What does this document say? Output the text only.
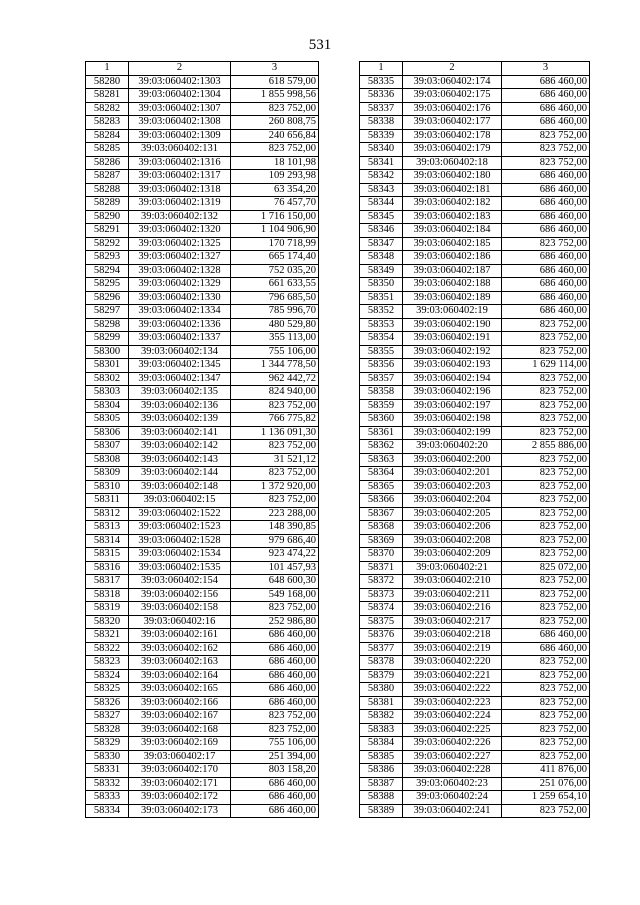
531
1	2	3
58280	39:03:060402:1303	618 579,00
58281	39:03:060402:1304	1 855 998,56
58282	39:03:060402:1307	823 752,00
58283	39:03:060402:1308	260 808,75
58284	39:03:060402:1309	240 656,84
58285	39:03:060402:131	823 752,00
58286	39:03:060402:1316	18 101,98
58287	39:03:060402:1317	109 293,98
58288	39:03:060402:1318	63 354,20
58289	39:03:060402:1319	76 457,70
58290	39:03:060402:132	1 716 150,00
58291	39:03:060402:1320	1 104 906,90
58292	39:03:060402:1325	170 718,99
58293	39:03:060402:1327	665 174,40
58294	39:03:060402:1328	752 035,20
58295	39:03:060402:1329	661 633,55
58296	39:03:060402:1330	796 685,50
58297	39:03:060402:1334	785 996,70
58298	39:03:060402:1336	480 529,80
58299	39:03:060402:1337	355 113,00
58300	39:03:060402:134	755 106,00
58301	39:03:060402:1345	1 344 778,50
58302	39:03:060402:1347	962 442,72
58303	39:03:060402:135	824 940,00
58304	39:03:060402:136	823 752,00
58305	39:03:060402:139	766 775,82
58306	39:03:060402:141	1 136 091,30
58307	39:03:060402:142	823 752,00
58308	39:03:060402:143	31 521,12
58309	39:03:060402:144	823 752,00
58310	39:03:060402:148	1 372 920,00
58311	39:03:060402:15	823 752,00
58312	39:03:060402:1522	223 288,00
58313	39:03:060402:1523	148 390,85
58314	39:03:060402:1528	979 686,40
58315	39:03:060402:1534	923 474,22
58316	39:03:060402:1535	101 457,93
58317	39:03:060402:154	648 600,30
58318	39:03:060402:156	549 168,00
58319	39:03:060402:158	823 752,00
58320	39:03:060402:16	252 986,80
58321	39:03:060402:161	686 460,00
58322	39:03:060402:162	686 460,00
58323	39:03:060402:163	686 460,00
58324	39:03:060402:164	686 460,00
58325	39:03:060402:165	686 460,00
58326	39:03:060402:166	686 460,00
58327	39:03:060402:167	823 752,00
58328	39:03:060402:168	823 752,00
58329	39:03:060402:169	755 106,00
58330	39:03:060402:17	251 394,00
58331	39:03:060402:170	803 158,20
58332	39:03:060402:171	686 460,00
58333	39:03:060402:172	686 460,00
58334	39:03:060402:173	686 460,00
1	2	3
58335	39:03:060402:174	686 460,00
58336	39:03:060402:175	686 460,00
58337	39:03:060402:176	686 460,00
58338	39:03:060402:177	686 460,00
58339	39:03:060402:178	823 752,00
58340	39:03:060402:179	823 752,00
58341	39:03:060402:18	823 752,00
58342	39:03:060402:180	686 460,00
58343	39:03:060402:181	686 460,00
58344	39:03:060402:182	686 460,00
58345	39:03:060402:183	686 460,00
58346	39:03:060402:184	686 460,00
58347	39:03:060402:185	823 752,00
58348	39:03:060402:186	686 460,00
58349	39:03:060402:187	686 460,00
58350	39:03:060402:188	686 460,00
58351	39:03:060402:189	686 460,00
58352	39:03:060402:19	686 460,00
58353	39:03:060402:190	823 752,00
58354	39:03:060402:191	823 752,00
58355	39:03:060402:192	823 752,00
58356	39:03:060402:193	1 629 114,00
58357	39:03:060402:194	823 752,00
58358	39:03:060402:196	823 752,00
58359	39:03:060402:197	823 752,00
58360	39:03:060402:198	823 752,00
58361	39:03:060402:199	823 752,00
58362	39:03:060402:20	2 855 886,00
58363	39:03:060402:200	823 752,00
58364	39:03:060402:201	823 752,00
58365	39:03:060402:203	823 752,00
58366	39:03:060402:204	823 752,00
58367	39:03:060402:205	823 752,00
58368	39:03:060402:206	823 752,00
58369	39:03:060402:208	823 752,00
58370	39:03:060402:209	823 752,00
58371	39:03:060402:21	825 072,00
58372	39:03:060402:210	823 752,00
58373	39:03:060402:211	823 752,00
58374	39:03:060402:216	823 752,00
58375	39:03:060402:217	823 752,00
58376	39:03:060402:218	686 460,00
58377	39:03:060402:219	686 460,00
58378	39:03:060402:220	823 752,00
58379	39:03:060402:221	823 752,00
58380	39:03:060402:222	823 752,00
58381	39:03:060402:223	823 752,00
58382	39:03:060402:224	823 752,00
58383	39:03:060402:225	823 752,00
58384	39:03:060402:226	823 752,00
58385	39:03:060402:227	823 752,00
58386	39:03:060402:228	411 876,00
58387	39:03:060402:23	251 076,00
58388	39:03:060402:24	1 259 654,10
58389	39:03:060402:241	823 752,00
